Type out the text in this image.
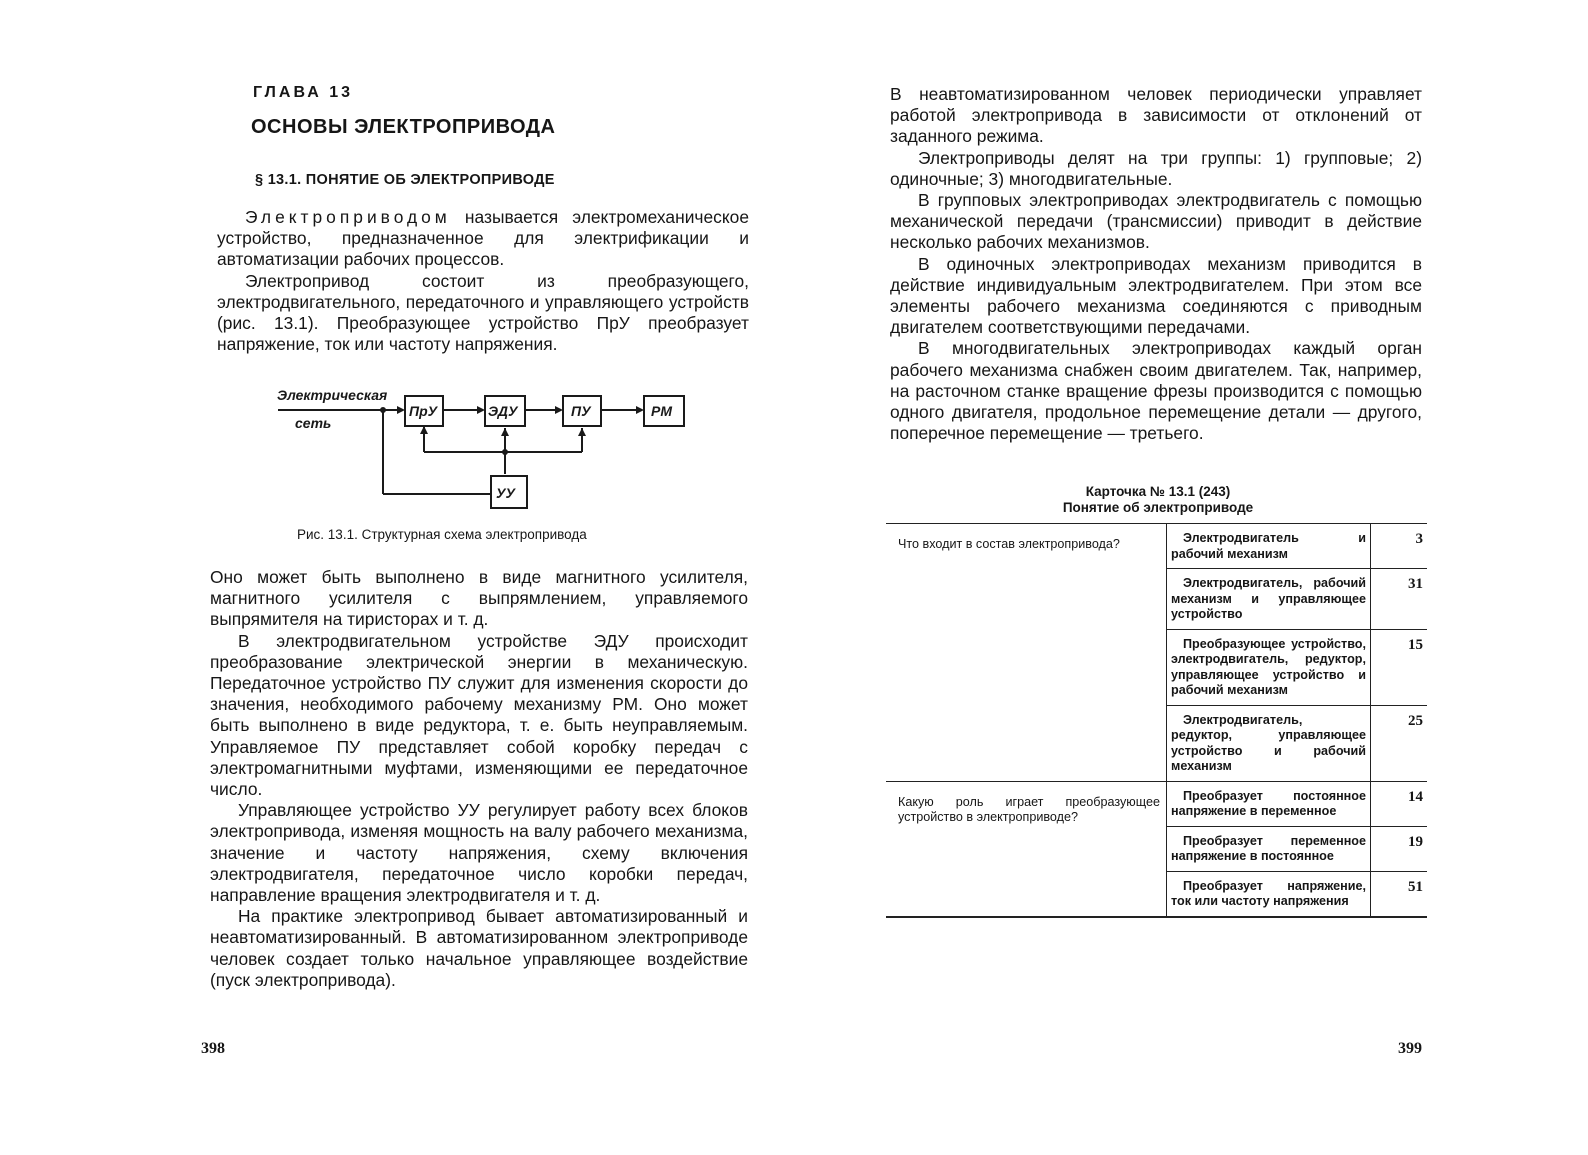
ГЛАВА 13
ОСНОВЫ ЭЛЕКТРОПРИВОДА
§ 13.1. ПОНЯТИЕ ОБ ЭЛЕКТРОПРИВОДЕ

Электроприводом называется электромеханическое устройство, предназначенное для электрификации и автоматизации рабочих процессов.

Электропривод состоит из преобразующего, электродвигательного, передаточного и управляющего устройств (рис. 13.1). Преобразующее устройство ПрУ преобразует напряжение, ток или частоту напряжения.

Электрическая
сеть
ПрУ	ЭДУ	ПУ	РМ
УУ
Рис. 13.1. Структурная схема электропривода

Оно может быть выполнено в виде магнитного усилителя, магнитного усилителя с выпрямлением, управляемого выпрямителя на тиристорах и т. д.

В электродвигательном устройстве ЭДУ происходит преобразование электрической энергии в механическую. Передаточное устройство ПУ служит для изменения скорости до значения, необходимого рабочему механизму РМ. Оно может быть выполнено в виде редуктора, т. е. быть неуправляемым. Управляемое ПУ представляет собой коробку передач с электромагнитными муфтами, изменяющими ее передаточное число.

Управляющее устройство УУ регулирует работу всех блоков электропривода, изменяя мощность на валу рабочего механизма, значение и частоту напряжения, схему включения электродвигателя, передаточное число коробки передач, направление вращения электродвигателя и т. д.

На практике электропривод бывает автоматизированный и неавтоматизированный. В автоматизированном электроприводе человек создает только начальное управляющее воздействие (пуск электропривода).

398

В неавтоматизированном человек периодически управляет работой электропривода в зависимости от отклонений от заданного режима.

Электроприводы делят на три группы: 1) групповые; 2) одиночные; 3) многодвигательные.

В групповых электроприводах электродвигатель с помощью механической передачи (трансмиссии) приводит в действие несколько рабочих механизмов.

В одиночных электроприводах механизм приводится в действие индивидуальным электродвигателем. При этом все элементы рабочего механизма соединяются с приводным двигателем соответствующими передачами.

В многодвигательных электроприводах каждый орган рабочего механизма снабжен своим двигателем. Так, например, на расточном станке вращение фрезы производится с помощью одного двигателя, продольное перемещение детали — другого, поперечное перемещение — третьего.

Карточка № 13.1 (243)
Понятие об электроприводе
Что входит в состав электропривода?	Электродвигатель и рабочий механизм	3

	Электродвигатель, рабочий механизм и управляющее устройство	31

	Преобразующее устройство, электродвигатель, редуктор, управляющее устройство и рабочий механизм	15

	Электродвигатель, редуктор, управляющее устройство и рабочий механизм	25

Какую роль играет преобразующее устройство в электроприводе?	Преобразует постоянное напряжение в переменное	14

	Преобразует переменное напряжение в постоянное	19

	Преобразует напряжение, ток или частоту напряжения	51
399
